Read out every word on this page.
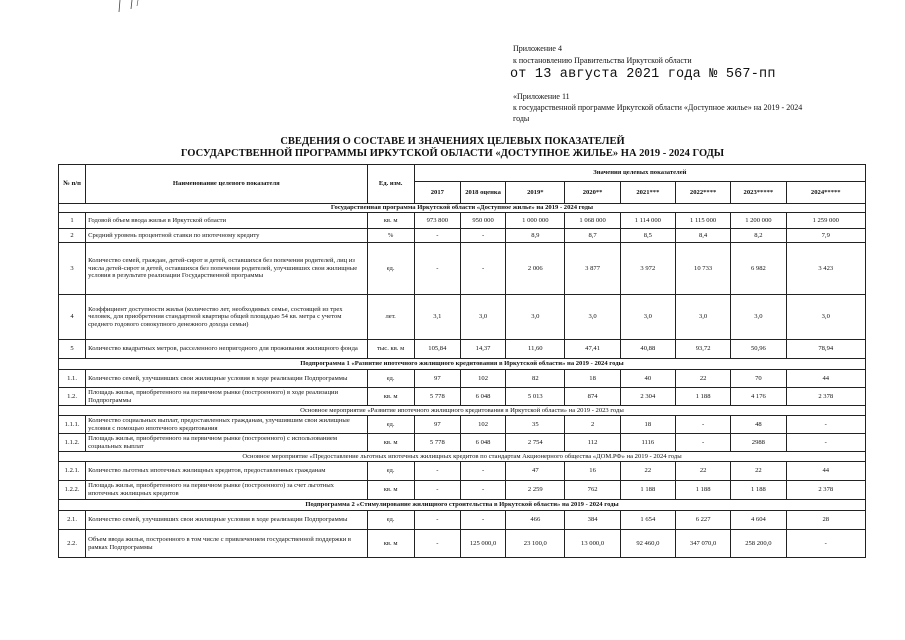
Приложение 4
к постановлению Правительства Иркутской области
от 13 августа 2021 года № 567-пп
«Приложение 11
к государственной программе Иркутской области «Доступное жилье» на 2019 - 2024
годы
СВЕДЕНИЯ О СОСТАВЕ И ЗНАЧЕНИЯХ ЦЕЛЕВЫХ ПОКАЗАТЕЛЕЙ
ГОСУДАРСТВЕННОЙ ПРОГРАММЫ ИРКУТСКОЙ ОБЛАСТИ «ДОСТУПНОЕ ЖИЛЬЕ» НА 2019 - 2024 ГОДЫ
№ п/п	Наименование целевого показателя	Ед. изм.	Значения целевых показателей							
			2017	2018 оценка	2019*	2020**	2021***	2022****	2023*****	2024*****
Государственная программа Иркутской области «Доступное жилье» на 2019 - 2024 годы										
1	Годовой объем ввода жилья в Иркутской области	кв. м	973 800	950 000	1 000 000	1 068 000	1 114 000	1 115 000	1 200 000	1 259 000
2	Средний уровень процентной ставки по ипотечному кредиту	%	-	-	8,9	8,7	8,5	8,4	8,2	7,9
3	Количество семей, граждан, детей-сирот и детей, оставшихся без попечения родителей, лиц из числа детей-сирот и детей, оставшихся без попечения родителей, улучшивших свои жилищные условия в результате реализации Государственной программы	ед.	-	-	2 006	3 877	3 972	10 733	6 982	3 423
4	Коэффициент доступности жилья (количество лет, необходимых семье, состоящей из трех человек, для приобретения стандартной квартиры общей площадью 54 кв. метра с учетом среднего годового совокупного денежного дохода семьи)	лет.	3,1	3,0	3,0	3,0	3,0	3,0	3,0	3,0
5	Количество квадратных метров, расселенного непригодного для проживания жилищного фонда	тыс. кв. м	105,84	14,37	11,60	47,41	40,88	93,72	50,96	78,94
Подпрограмма 1 «Развитие ипотечного жилищного кредитования в Иркутской области» на 2019 - 2024 годы										
1.1.	Количество семей, улучшивших свои жилищные условия в ходе реализации Подпрограммы	ед.	97	102	82	18	40	22	70	44
1.2.	Площадь жилья, приобретенного на первичном рынке (построенного) в ходе реализации Подпрограммы	кв. м	5 778	6 048	5 013	874	2 304	1 188	4 176	2 378
Основное мероприятие «Развитие ипотечного жилищного кредитования в Иркутской области» на 2019 - 2023 годы										
1.1.1.	Количество социальных выплат, предоставленных гражданам, улучшившим свои жилищные условия с помощью ипотечного кредитования	ед.	97	102	35	2	18	-	48	-
1.1.2.	Площадь жилья, приобретенного на первичном рынке (построенного) с использованием социальных выплат	кв. м	5 778	6 048	2 754	112	1116	-	2988	-
Основное мероприятие «Предоставление льготных ипотечных жилищных кредитов по стандартам Акционерного общества «ДОМ.РФ» на 2019 - 2024 годы										
1.2.1.	Количество льготных ипотечных жилищных кредитов, предоставленных гражданам	ед.	-	-	47	16	22	22	22	44
1.2.2.	Площадь жилья, приобретенного на первичном рынке (построенного) за счет льготных ипотечных жилищных кредитов	кв. м	-	-	2 259	762	1 188	1 188	1 188	2 378
Подпрограмма 2 «Стимулирование жилищного строительства в Иркутской области» на 2019 - 2024 годы										
2.1.	Количество семей, улучшивших свои жилищные условия в ходе реализации Подпрограммы	ед.	-	-	466	384	1 654	6 227	4 604	28
2.2.	Объем ввода жилья, построенного в том числе с привлечением государственной поддержки в рамках Подпрограммы	кв. м	-	125 000,0	23 100,0	13 000,0	92 460,0	347 070,0	258 200,0	-
